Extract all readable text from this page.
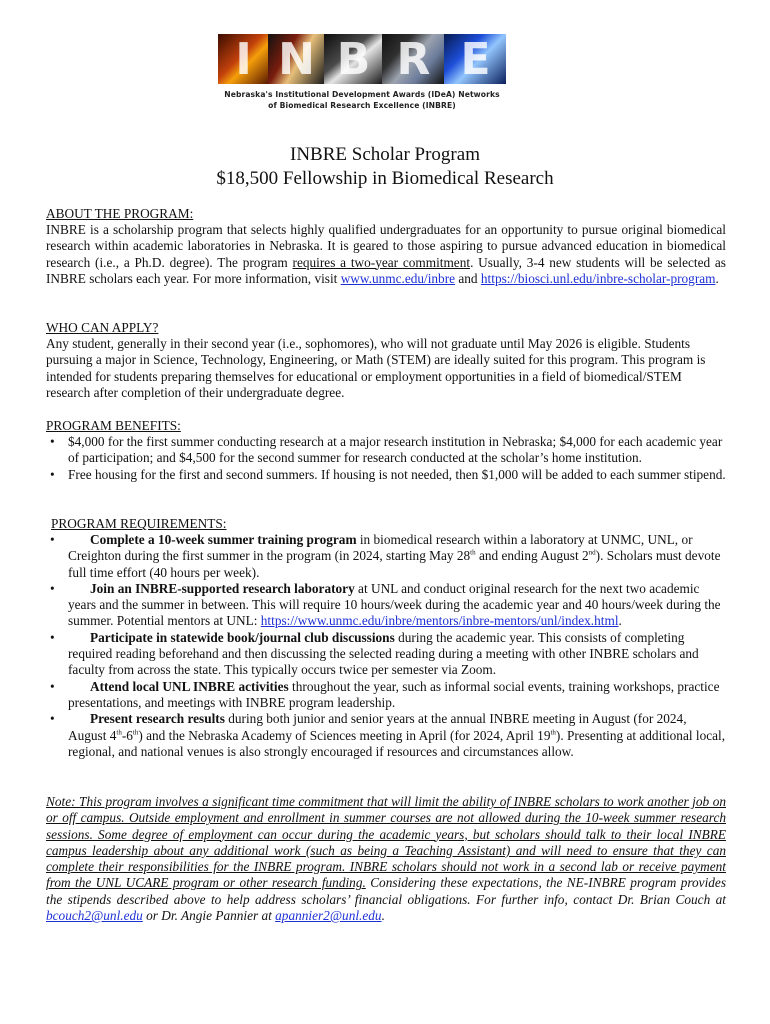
I N B R E
Nebraska's Institutional Development Awards (IDeA) Networks
of Biomedical Research Excellence (INBRE)
INBRE Scholar Program
$18,500 Fellowship in Biomedical Research
ABOUT THE PROGRAM:
INBRE is a scholarship program that selects highly qualified undergraduates for an opportunity to pursue original biomedical research within academic laboratories in Nebraska. It is geared to those aspiring to pursue advanced education in biomedical research (i.e., a Ph.D. degree). The program requires a two-year commitment. Usually, 3-4 new students will be selected as INBRE scholars each year. For more information, visit www.unmc.edu/inbre and https://biosci.unl.edu/inbre-scholar-program.
WHO CAN APPLY?
Any student, generally in their second year (i.e., sophomores), who will not graduate until May 2026 is eligible. Students pursuing a major in Science, Technology, Engineering, or Math (STEM) are ideally suited for this program. This program is intended for students preparing themselves for educational or employment opportunities in a field of biomedical/STEM research after completion of their undergraduate degree.
PROGRAM BENEFITS:
• $4,000 for the first summer conducting research at a major research institution in Nebraska; $4,000 for each academic year of participation; and $4,500 for the second summer for research conducted at the scholar’s home institution.
• Free housing for the first and second summers. If housing is not needed, then $1,000 will be added to each summer stipend.
PROGRAM REQUIREMENTS:
•	Complete a 10-week summer training program in biomedical research within a laboratory at UNMC, UNL, or Creighton during the first summer in the program (in 2024, starting May 28th and ending August 2nd). Scholars must devote full time effort (40 hours per week).
•	Join an INBRE-supported research laboratory at UNL and conduct original research for the next two academic years and the summer in between. This will require 10 hours/week during the academic year and 40 hours/week during the summer. Potential mentors at UNL: https://www.unmc.edu/inbre/mentors/inbre-mentors/unl/index.html.
•	Participate in statewide book/journal club discussions during the academic year. This consists of completing required reading beforehand and then discussing the selected reading during a meeting with other INBRE scholars and faculty from across the state. This typically occurs twice per semester via Zoom.
•	Attend local UNL INBRE activities throughout the year, such as informal social events, training workshops, practice presentations, and meetings with INBRE program leadership.
•	Present research results during both junior and senior years at the annual INBRE meeting in August (for 2024, August 4th-6th) and the Nebraska Academy of Sciences meeting in April (for 2024, April 19th). Presenting at additional local, regional, and national venues is also strongly encouraged if resources and circumstances allow.
Note: This program involves a significant time commitment that will limit the ability of INBRE scholars to work another job on or off campus. Outside employment and enrollment in summer courses are not allowed during the 10-week summer research sessions. Some degree of employment can occur during the academic years, but scholars should talk to their local INBRE campus leadership about any additional work (such as being a Teaching Assistant) and will need to ensure that they can complete their responsibilities for the INBRE program. INBRE scholars should not work in a second lab or receive payment from the UNL UCARE program or other research funding. Considering these expectations, the NE-INBRE program provides the stipends described above to help address scholars’ financial obligations. For further info, contact Dr. Brian Couch at bcouch2@unl.edu or Dr. Angie Pannier at apannier2@unl.edu.
